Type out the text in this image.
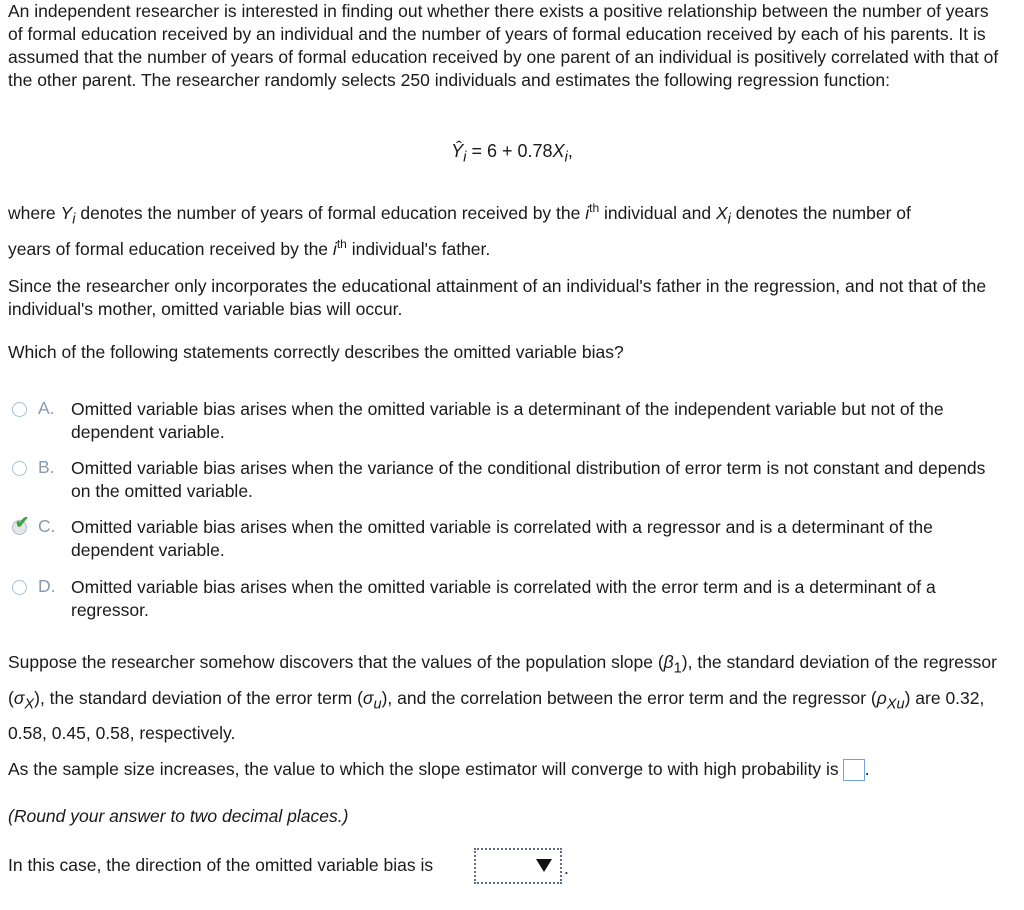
An independent researcher is interested in finding out whether there exists a positive relationship between the number of years of formal education received by an individual and the number of years of formal education received by each of his parents. It is assumed that the number of years of formal education received by one parent of an individual is positively correlated with that of the other parent. The researcher randomly selects 250 individuals and estimates the following regression function:

$Ŷ_i = 6 + 0.78X_i$,

where $Y_i$ denotes the number of years of formal education received by the $i^{th}$ individual and $X_i$ denotes the number of

years of formal education received by the $i^{th}$ individual's father.

Since the researcher only incorporates the educational attainment of an individual's father in the regression, and not that of the individual's mother, omitted variable bias will occur.

Which of the following statements correctly describes the omitted variable bias?

A. Omitted variable bias arises when the omitted variable is a determinant of the independent variable but not of the dependent variable.
B. Omitted variable bias arises when the variance of the conditional distribution of error term is not constant and depends on the omitted variable.
✔ C. Omitted variable bias arises when the omitted variable is correlated with a regressor and is a determinant of the dependent variable.
D. Omitted variable bias arises when the omitted variable is correlated with the error term and is a determinant of a regressor.

Suppose the researcher somehow discovers that the values of the population slope $(\beta_1)$, the standard deviation of the regressor $(\sigma_X)$, the standard deviation of the error term $(\sigma_u)$, and the correlation between the error term and the regressor $(\rho_{Xu})$ are 0.32, 0.58, 0.45, 0.58, respectively.

As the sample size increases, the value to which the slope estimator will converge to with high probability is .

(Round your answer to two decimal places.)

In this case, the direction of the omitted variable bias is	.
